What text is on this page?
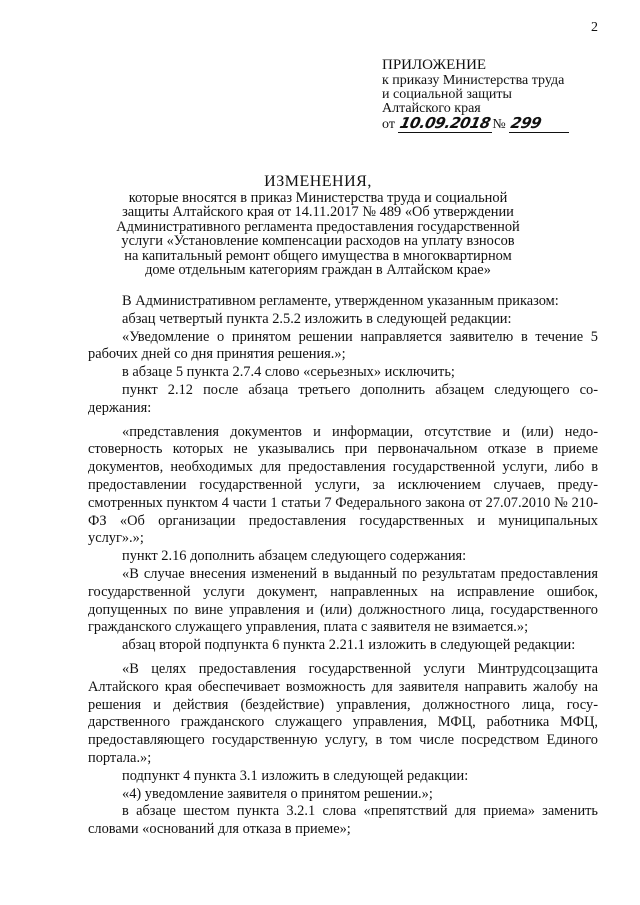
2
ПРИЛОЖЕНИЕ
к приказу Министерства труда
и социальной защиты
Алтайского края
от 10.09.2018№ 299
ИЗМЕНЕНИЯ,
которые вносятся в приказ Министерства труда и социальной
защиты Алтайского края от 14.11.2017 № 489 «Об утверждении
Административного регламента предоставления государственной
услуги «Установление компенсации расходов на уплату взносов
на капитальный ремонт общего имущества в многоквартирном
доме отдельным категориям граждан в Алтайском крае»

В Административном регламенте, утвержденном указанным приказом:

абзац четвертый пункта 2.5.2 изложить в следующей редакции:

«Уведомление о принятом решении направляется заявителю в течение 5 рабочих дней со дня принятия решения.»;

в абзаце 5 пункта 2.7.4 слово «серьезных» исключить;

пункт 2.12 после абзаца третьего дополнить абзацем следующего содержания:

«представления документов и информации, отсутствие и (или) недостоверность которых не указывались при первоначальном отказе в приеме документов, необходимых для предоставления государственной услуги, либо в предоставлении государственной услуги, за исключением случаев, предусмотренных пунктом 4 части 1 статьи 7 Федерального закона от 27.07.2010 № 210-ФЗ «Об организации предоставления государственных и муниципальных услуг».»;

пункт 2.16 дополнить абзацем следующего содержания:

«В случае внесения изменений в выданный по результатам предоставления государственной услуги документ, направленных на исправление ошибок, допущенных по вине управления и (или) должностного лица, государственного гражданского служащего управления, плата с заявителя не взимается.»;

абзац второй подпункта 6 пункта 2.21.1 изложить в следующей редакции:

«В целях предоставления государственной услуги Минтрудсоцзащита Алтайского края обеспечивает возможность для заявителя направить жалобу на решения и действия (бездействие) управления, должностного лица, государственного гражданского служащего управления, МФЦ, работника МФЦ, предоставляющего государственную услугу, в том числе посредством Единого портала.»;

подпункт 4 пункта 3.1 изложить в следующей редакции:

«4) уведомление заявителя о принятом решении.»;

в абзаце шестом пункта 3.2.1 слова «препятствий для приема» заменить словами «оснований для отказа в приеме»;
